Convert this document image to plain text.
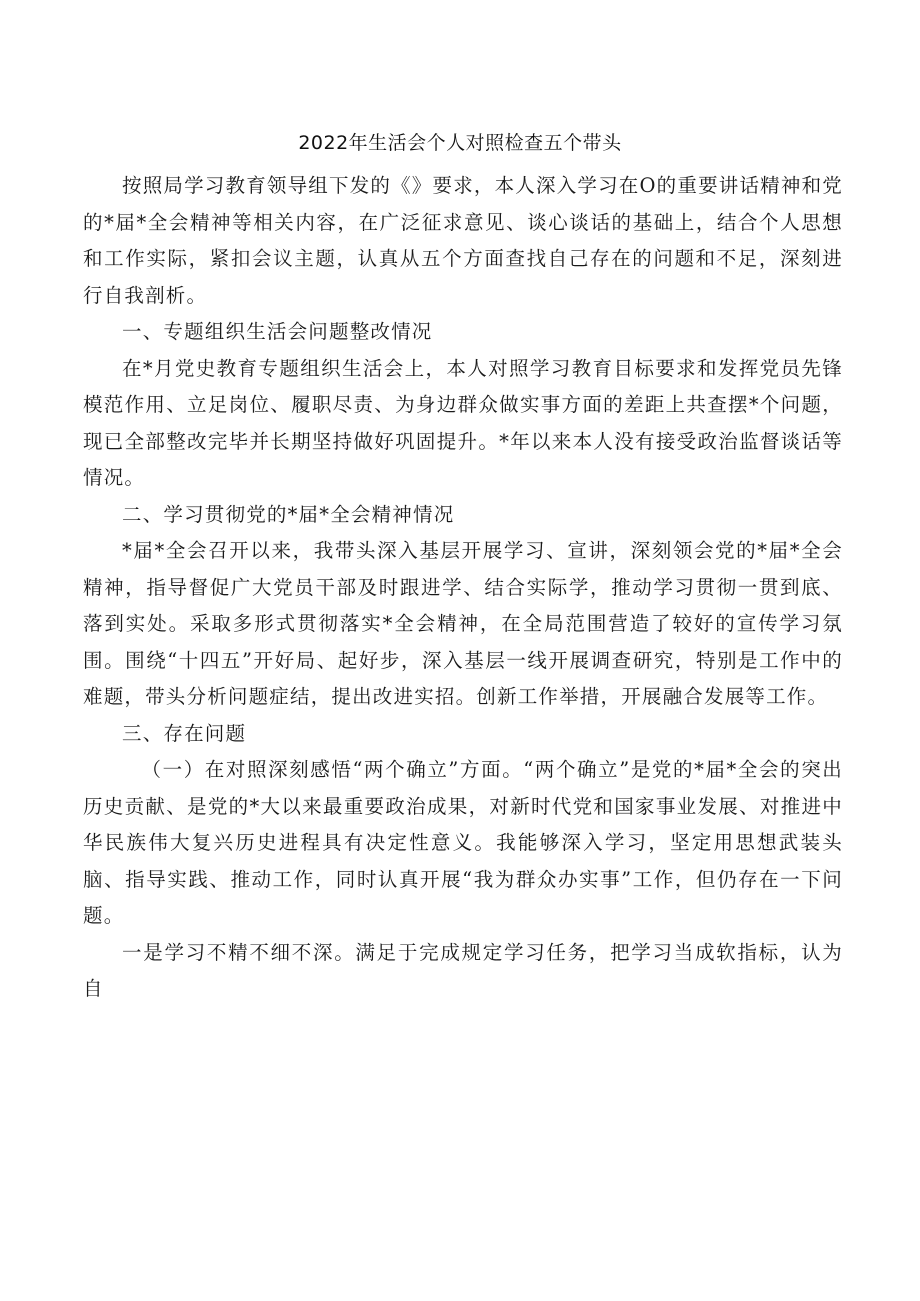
2022年生活会个人对照检查五个带头

按照局学习教育领导组下发的《》要求，本人深入学习在O的重要讲话精神和党的*届*全会精神等相关内容，在广泛征求意见、谈心谈话的基础上，结合个人思想和工作实际，紧扣会议主题，认真从五个方面查找自己存在的问题和不足，深刻进行自我剖析。

一、专题组织生活会问题整改情况

在*月党史教育专题组织生活会上，本人对照学习教育目标要求和发挥党员先锋模范作用、立足岗位、履职尽责、为身边群众做实事方面的差距上共查摆*个问题，现已全部整改完毕并长期坚持做好巩固提升。*年以来本人没有接受政治监督谈话等情况。

二、学习贯彻党的*届*全会精神情况

*届*全会召开以来，我带头深入基层开展学习、宣讲，深刻领会党的*届*全会精神，指导督促广大党员干部及时跟进学、结合实际学，推动学习贯彻一贯到底、落到实处。采取多形式贯彻落实*全会精神，在全局范围营造了较好的宣传学习氛围。围绕“十四五”开好局、起好步，深入基层一线开展调查研究，特别是工作中的难题，带头分析问题症结，提出改进实招。创新工作举措，开展融合发展等工作。

三、存在问题

（一）在对照深刻感悟“两个确立”方面。“两个确立”是党的*届*全会的突出历史贡献、是党的*大以来最重要政治成果，对新时代党和国家事业发展、对推进中华民族伟大复兴历史进程具有决定性意义。我能够深入学习，坚定用思想武装头脑、指导实践、推动工作，同时认真开展“我为群众办实事”工作，但仍存在一下问题。

一是学习不精不细不深。满足于完成规定学习任务，把学习当成软指标，认为自
